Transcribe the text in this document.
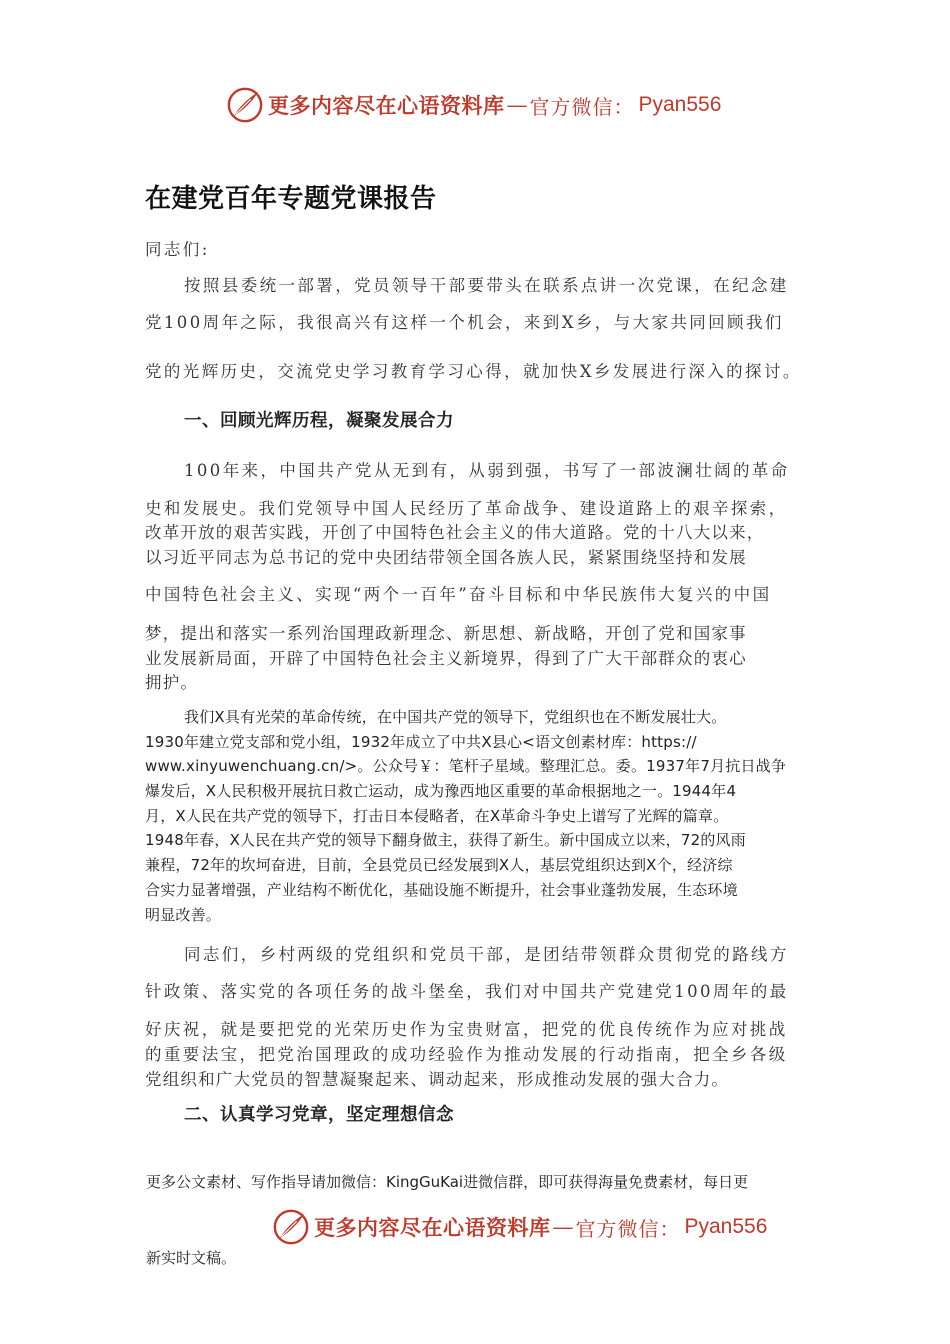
更多内容尽在心语资料库 — 官方微信： Pyan556
在建党百年专题党课报告
同志们:
按照县委统一部署，党员领导干部要带头在联系点讲一次党课，在纪念建
党100周年之际，我很高兴有这样一个机会，来到X乡，与大家共同回顾我们
党的光辉历史，交流党史学习教育学习心得，就加快X乡发展进行深入的探讨。
一、回顾光辉历程，凝聚发展合力
100年来，中国共产党从无到有，从弱到强，书写了一部波澜壮阔的革命
史和发展史。我们党领导中国人民经历了革命战争、建设道路上的艰辛探索，
改革开放的艰苦实践，开创了中国特色社会主义的伟大道路。党的十八大以来，
以习近平同志为总书记的党中央团结带领全国各族人民，紧紧围绕坚持和发展
中国特色社会主义、实现“两个一百年”奋斗目标和中华民族伟大复兴的中国
梦，提出和落实一系列治国理政新理念、新思想、新战略，开创了党和国家事
业发展新局面，开辟了中国特色社会主义新境界，得到了广大干部群众的衷心
拥护。
我们X具有光荣的革命传统，在中国共产党的领导下，党组织也在不断发展壮大。
1930年建立党支部和党小组，1932年成立了中共X县心<语文创素材库：https://
www.xinyuwenchuang.cn/>。公众号￥：笔杆子星域。整理汇总。委。1937年7月抗日战争
爆发后，X人民积极开展抗日救亡运动，成为豫西地区重要的革命根据地之一。1944年4
月，X人民在共产党的领导下，打击日本侵略者，在X革命斗争史上谱写了光辉的篇章。
1948年春，X人民在共产党的领导下翻身做主，获得了新生。新中国成立以来，72的风雨
兼程，72年的坎坷奋进，目前，全县党员已经发展到X人，基层党组织达到X个，经济综
合实力显著增强，产业结构不断优化，基础设施不断提升，社会事业蓬勃发展，生态环境
明显改善。
同志们，乡村两级的党组织和党员干部，是团结带领群众贯彻党的路线方
针政策、落实党的各项任务的战斗堡垒，我们对中国共产党建党100周年的最
好庆祝，就是要把党的光荣历史作为宝贵财富，把党的优良传统作为应对挑战
的重要法宝，把党治国理政的成功经验作为推动发展的行动指南，把全乡各级
党组织和广大党员的智慧凝聚起来、调动起来，形成推动发展的强大合力。
二、认真学习党章，坚定理想信念
更多公文素材、写作指导请加微信：KingGuKai进微信群，即可获得海量免费素材，每日更
更多内容尽在心语资料库 — 官方微信： Pyan556
新实时文稿。
